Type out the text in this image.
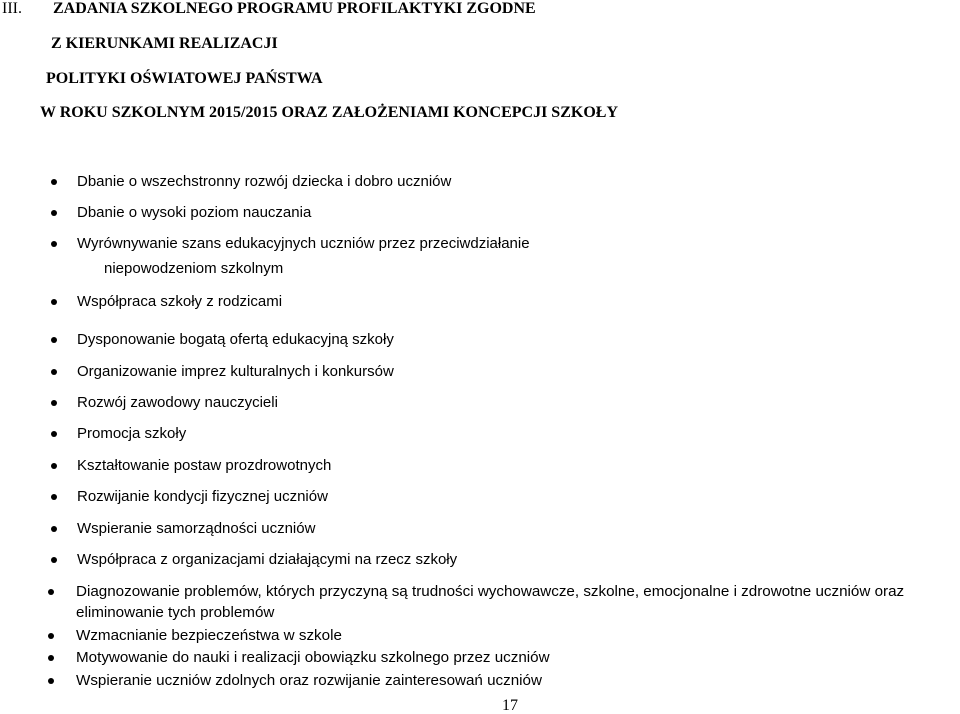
III. ZADANIA SZKOLNEGO PROGRAMU PROFILAKTYKI ZGODNE
Z KIERUNKAMI REALIZACJI
POLITYKI OŚWIATOWEJ PAŃSTWA
W ROKU SZKOLNYM 2015/2015 ORAZ ZAŁOŻENIAMI KONCEPCJI SZKOŁY
Dbanie o wszechstronny rozwój dziecka i dobro uczniów
Dbanie o wysoki poziom nauczania
Wyrównywanie szans edukacyjnych uczniów przez przeciwdziałanie
niepowodzeniom szkolnym
Współpraca szkoły z rodzicami
Dysponowanie bogatą ofertą edukacyjną szkoły
Organizowanie imprez kulturalnych i konkursów
Rozwój zawodowy nauczycieli
Promocja szkoły
Kształtowanie postaw prozdrowotnych
Rozwijanie kondycji fizycznej uczniów
Wspieranie samorządności uczniów
Współpraca z organizacjami działającymi na rzecz szkoły
Diagnozowanie problemów, których przyczyną są trudności wychowawcze, szkolne, emocjonalne i zdrowotne uczniów oraz
eliminowanie tych problemów
Wzmacnianie bezpieczeństwa w szkole
Motywowanie do nauki i realizacji obowiązku szkolnego przez uczniów
Wspieranie uczniów zdolnych oraz rozwijanie zainteresowań uczniów
17
